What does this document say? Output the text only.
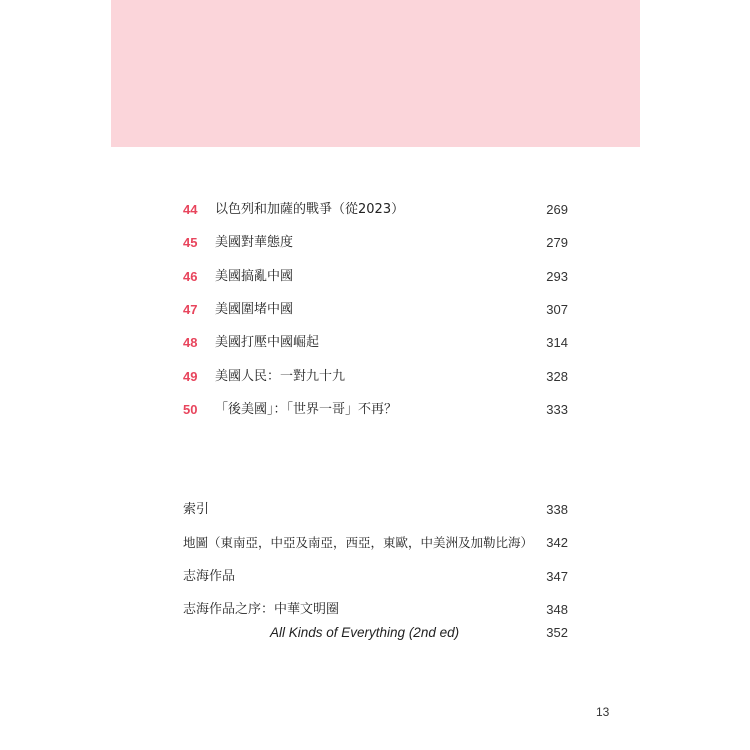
44 以色列和加薩的戰爭（從2023）	269
45 美國對華態度	279
46 美國搞亂中國	293
47 美國圍堵中國	307
48 美國打壓中國崛起	314
49 美國人民：一對九十九	328
50 「後美國」：「世界一哥」不再？	333
索引	338
地圖（東南亞，中亞及南亞，西亞，東歐，中美洲及加勒比海） 342
志海作品	347
志海作品之序：中華文明圈	348
All Kinds of Everything (2nd ed)	352
13
